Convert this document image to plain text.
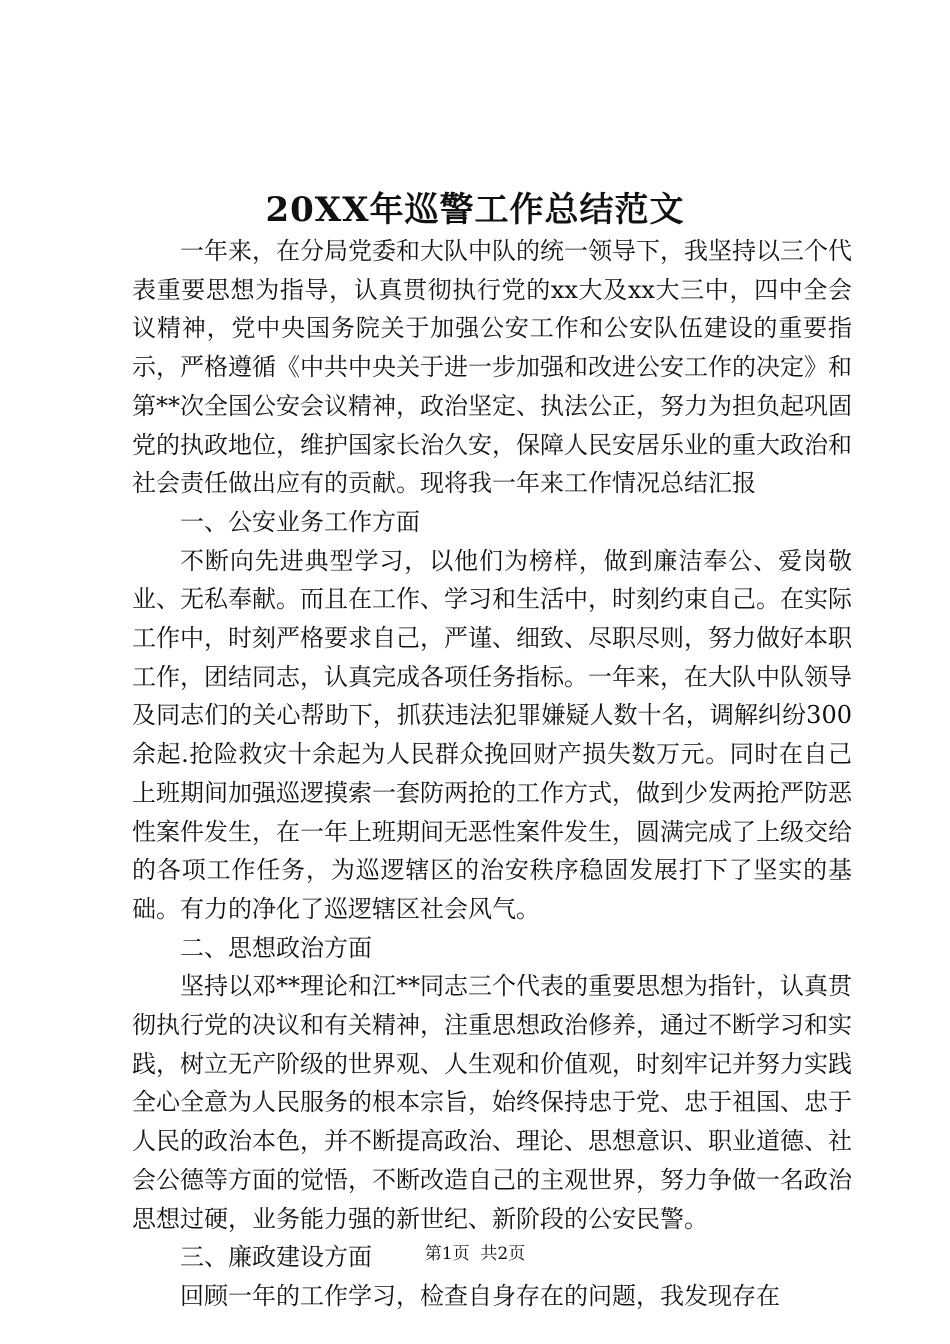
20XX年巡警工作总结范文

一年来，在分局党委和大队中队的统一领导下，我坚持以三个代表重要思想为指导，认真贯彻执行党的xx大及xx大三中，四中全会议精神，党中央国务院关于加强公安工作和公安队伍建设的重要指示，严格遵循《中共中央关于进一步加强和改进公安工作的决定》和第**次全国公安会议精神，政治坚定、执法公正，努力为担负起巩固党的执政地位，维护国家长治久安，保障人民安居乐业的重大政治和社会责任做出应有的贡献。现将我一年来工作情况总结汇报

一、公安业务工作方面

不断向先进典型学习，以他们为榜样，做到廉洁奉公、爱岗敬业、无私奉献。而且在工作、学习和生活中，时刻约束自己。在实际工作中，时刻严格要求自己，严谨、细致、尽职尽则，努力做好本职工作，团结同志，认真完成各项任务指标。一年来，在大队中队领导及同志们的关心帮助下，抓获违法犯罪嫌疑人数十名，调解纠纷300余起.抢险救灾十余起为人民群众挽回财产损失数万元。同时在自己上班期间加强巡逻摸索一套防两抢的工作方式，做到少发两抢严防恶性案件发生，在一年上班期间无恶性案件发生，圆满完成了上级交给的各项工作任务，为巡逻辖区的治安秩序稳固发展打下了坚实的基础。有力的净化了巡逻辖区社会风气。

二、思想政治方面

坚持以邓**理论和江**同志三个代表的重要思想为指针，认真贯彻执行党的决议和有关精神，注重思想政治修养，通过不断学习和实践，树立无产阶级的世界观、人生观和价值观，时刻牢记并努力实践全心全意为人民服务的根本宗旨，始终保持忠于党、忠于祖国、忠于人民的政治本色，并不断提高政治、理论、思想意识、职业道德、社会公德等方面的觉悟，不断改造自己的主观世界，努力争做一名政治思想过硬，业务能力强的新世纪、新阶段的公安民警。

三、廉政建设方面

回顾一年的工作学习，检查自身存在的问题，我发现存在

第1页 共2页
